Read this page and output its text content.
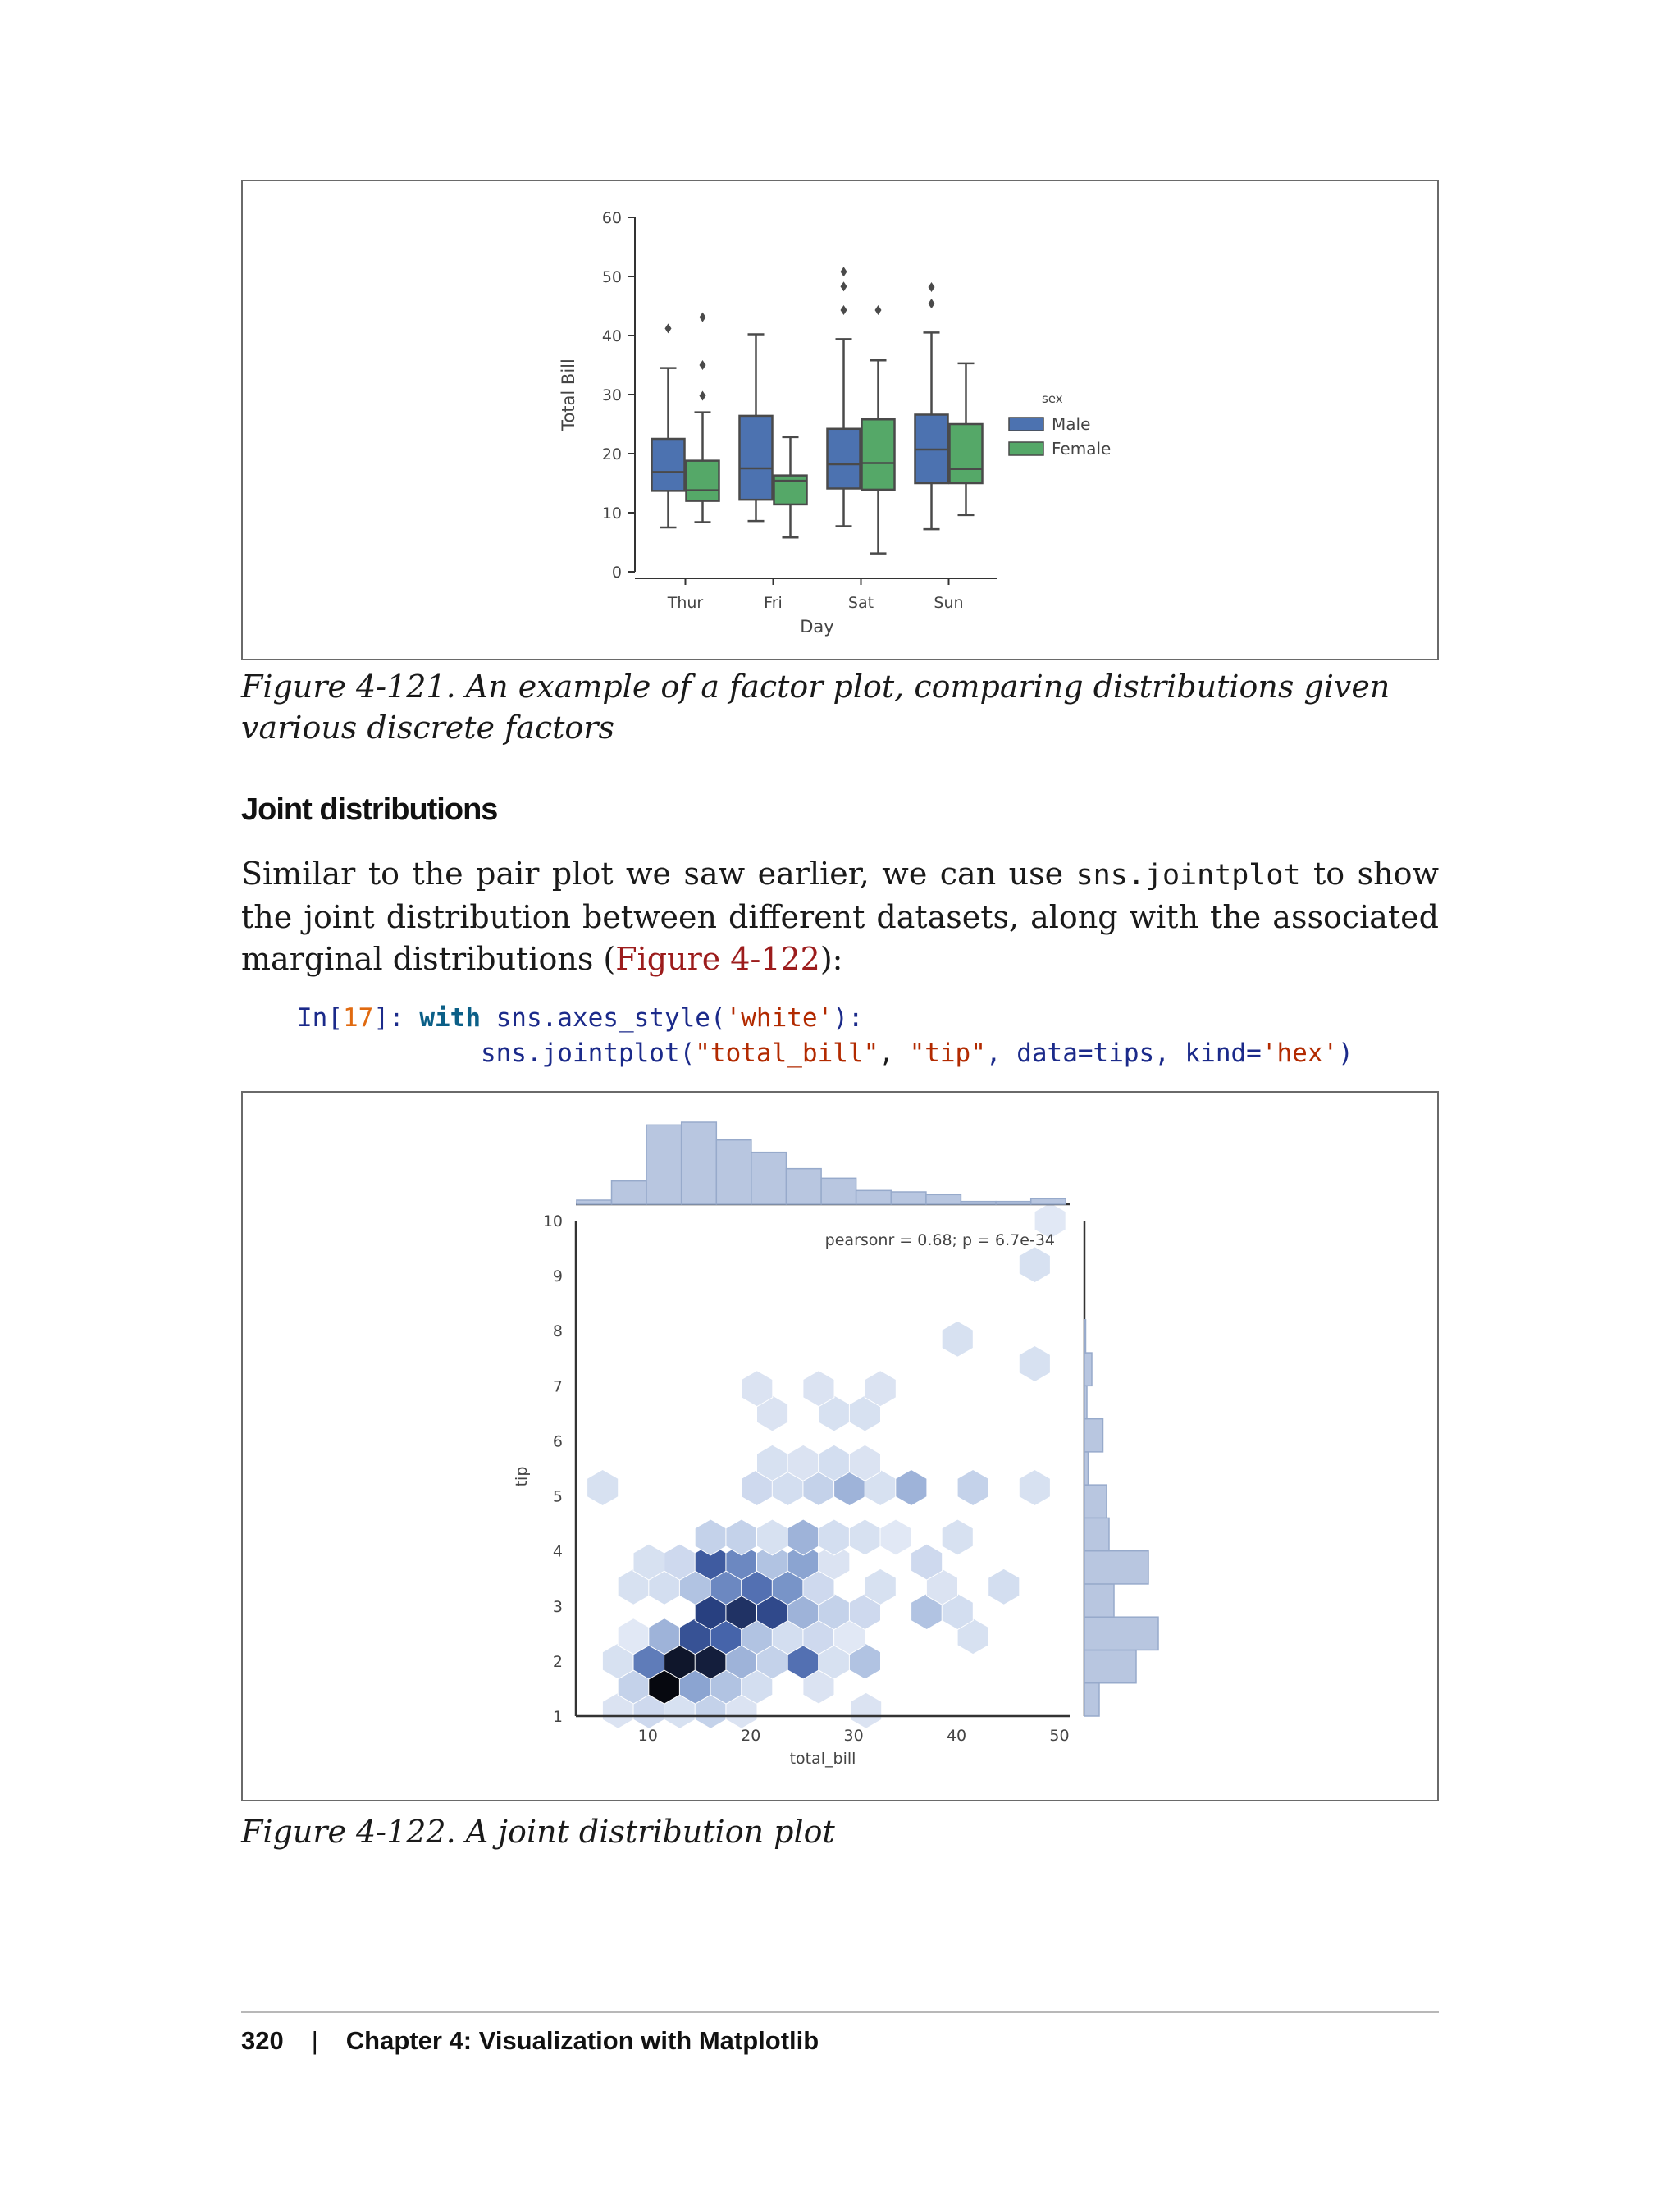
0
10
20
30
40
50
60
Total Bill
Thur	Fri	Sat	Sun
Day
sex
Male
Female

Figure 4-121. An example of a factor plot, comparing distributions given various discrete factors

Joint distributions

Similar to the pair plot we saw earlier, we can use sns.jointplot to show the joint distribution between different datasets, along with the associated marginal distributions (Figure 4-122):

In[17]: with sns.axes_style('white'):
sns.jointplot("total_bill", "tip", data=tips, kind='hex')
1
2
3
4
5
6
7
8
9
10
10	20	30	40	50
total_bill
tip
pearsonr = 0.68; p = 6.7e-34

Figure 4-122. A joint distribution plot

320 | Chapter 4: Visualization with Matplotlib
